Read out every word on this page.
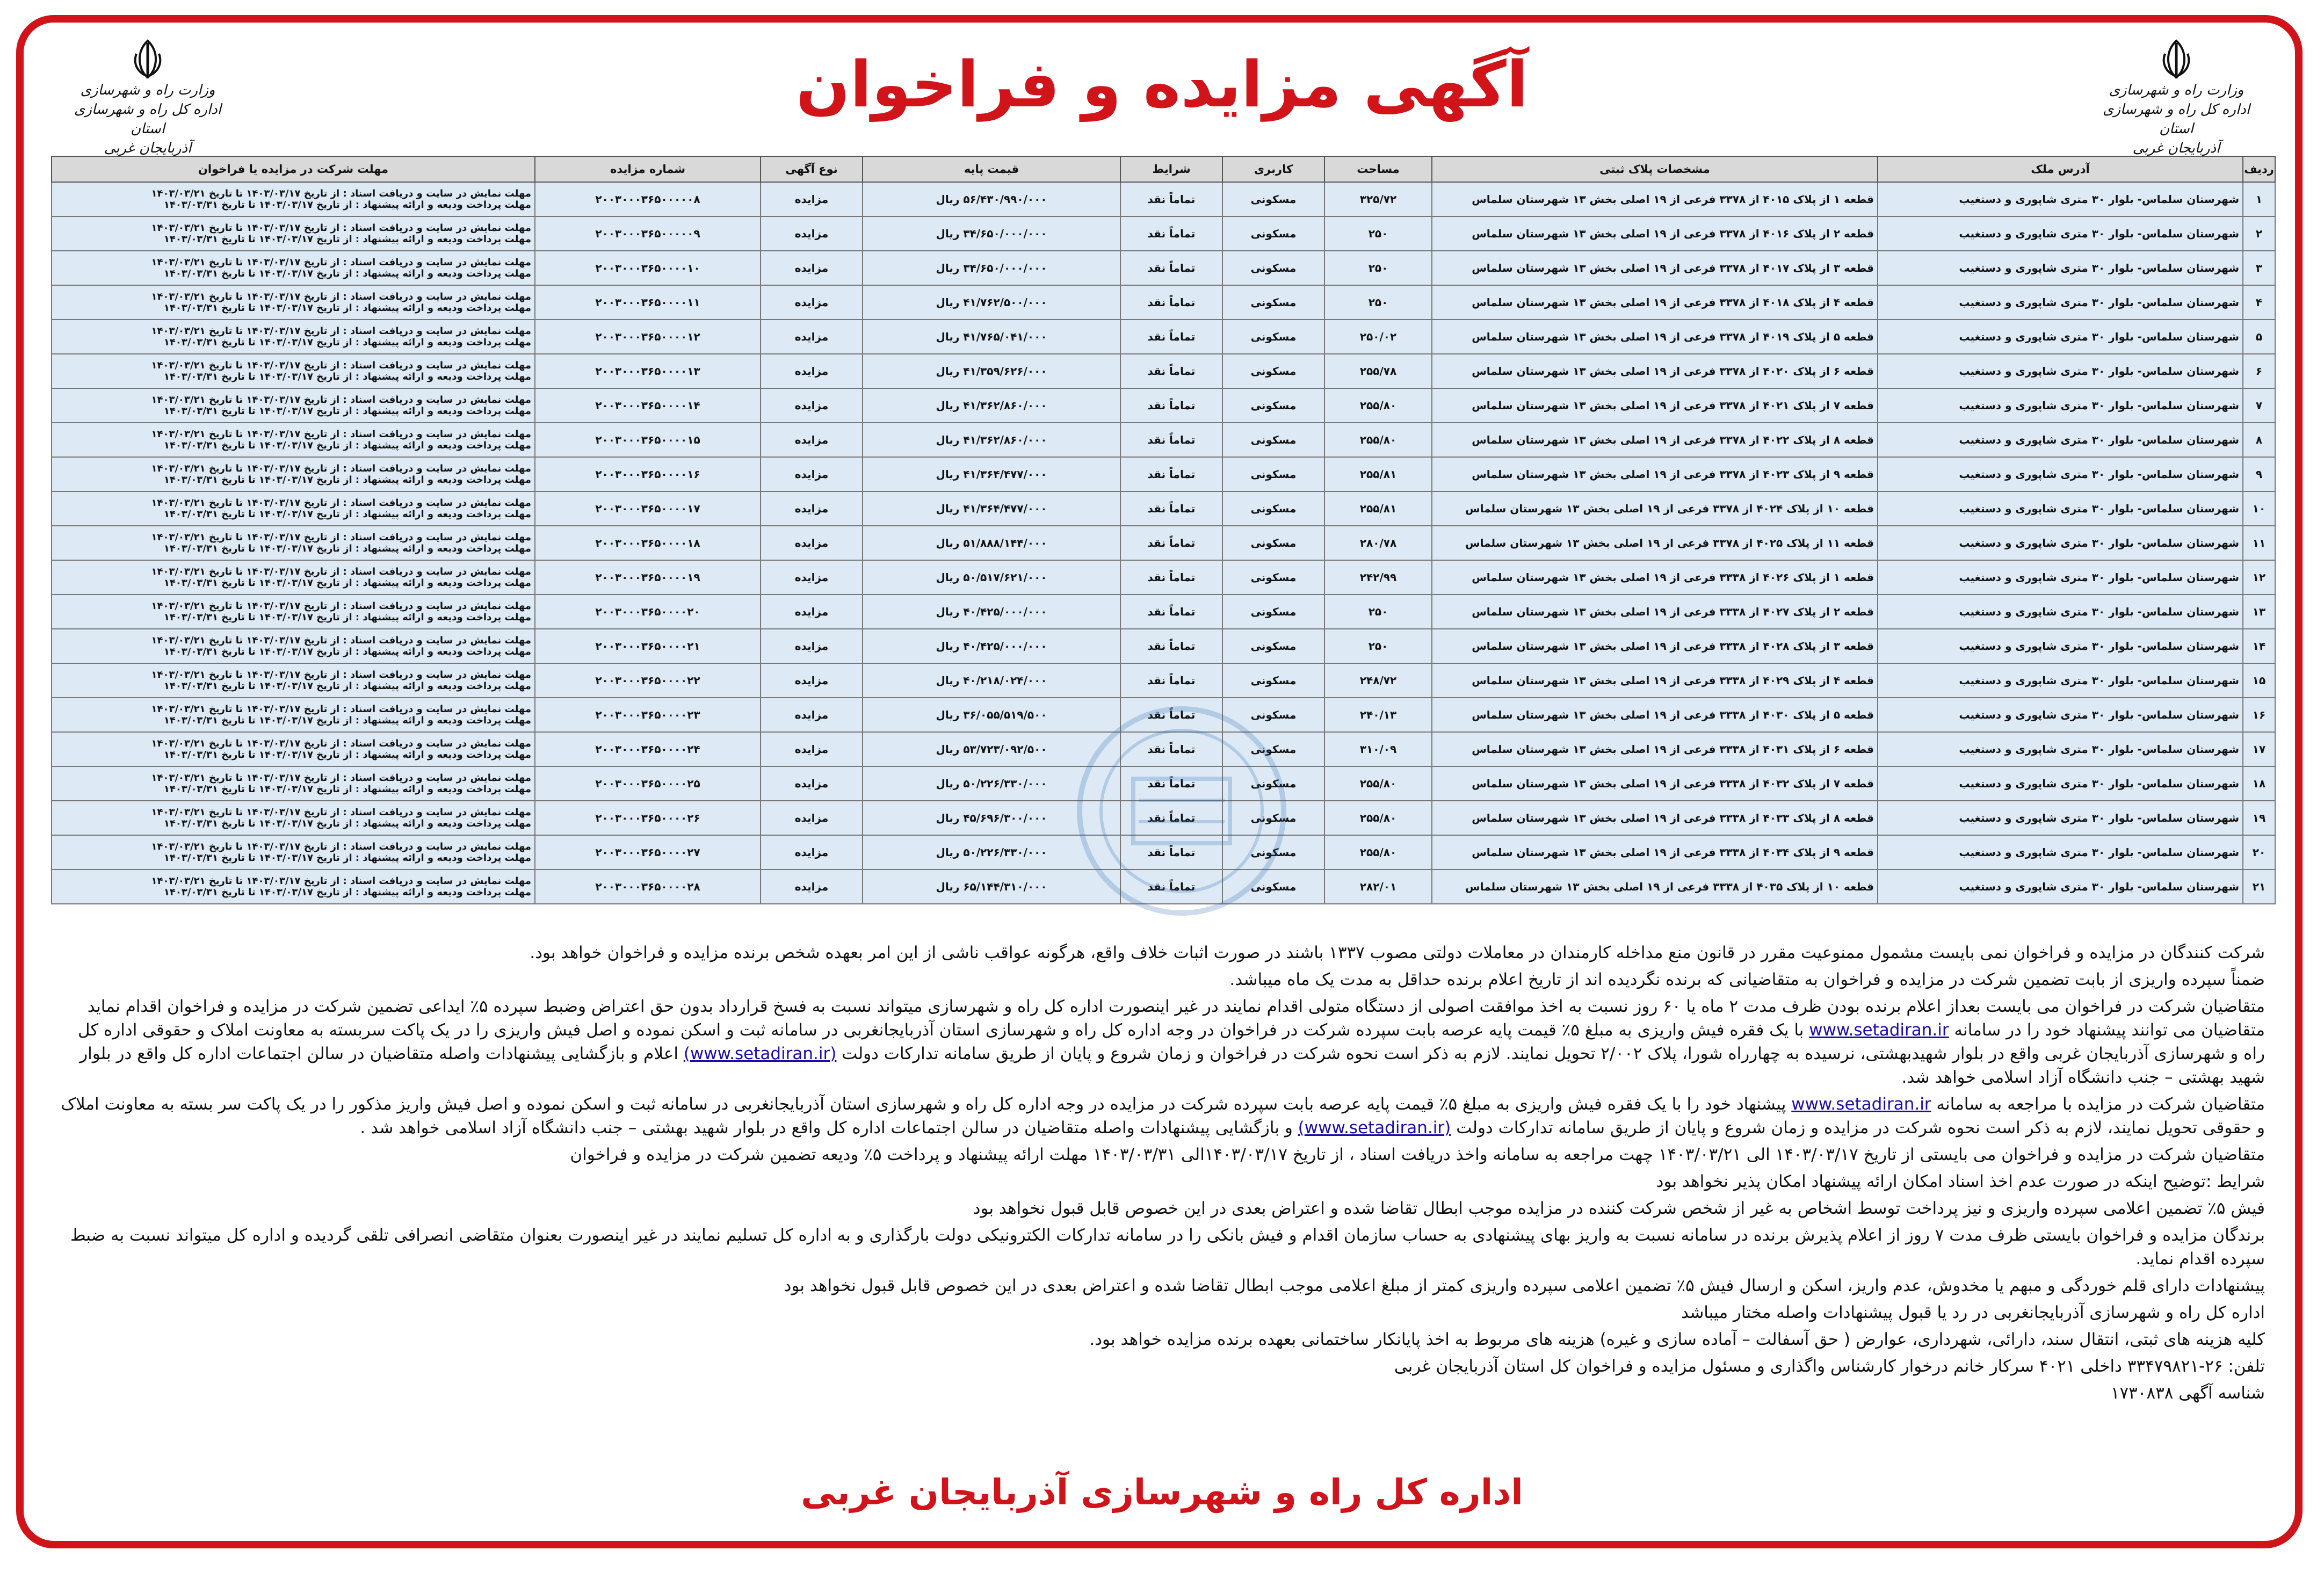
وزارت راه و شهرسازی
اداره کل راه و شهرسازی استان
آذربایجان غربی
وزارت راه و شهرسازی
اداره کل راه و شهرسازی استان
آذربایجان غربی
آگهی مزایده و فراخوان
ردیف	آدرس ملک	مشخصات پلاک ثبتی	مساحت	کاربری	شرایط	قیمت پایه	نوع آگهی	شماره مزایده	مهلت شرکت در مزایده یا فراخوان
۱	شهرستان سلماس- بلوار ۳۰ متری شاپوری و دستغیب	قطعه ۱ از پلاک ۴۰۱۵ از ۳۳۷۸ فرعی از ۱۹ اصلی بخش ۱۳ شهرستان سلماس	۳۲۵/۷۲	مسکونی	تماماً نقد	۵۶/۴۳۰/۹۹۰/۰۰۰ ریال	مزایده	۲۰۰۳۰۰۰۳۶۵۰۰۰۰۰۸	مهلت نمایش در سایت و دریافت اسناد : از تاریخ ۱۴۰۳/۰۳/۱۷ تا تاریخ ۱۴۰۳/۰۳/۲۱
مهلت پرداخت ودیعه و ارائه پیشنهاد : از تاریخ ۱۴۰۳/۰۳/۱۷ تا تاریخ ۱۴۰۳/۰۳/۳۱

۲	شهرستان سلماس- بلوار ۳۰ متری شاپوری و دستغیب	قطعه ۲ از پلاک ۴۰۱۶ از ۳۳۷۸ فرعی از ۱۹ اصلی بخش ۱۳ شهرستان سلماس	۲۵۰	مسکونی	تماماً نقد	۳۴/۶۵۰/۰۰۰/۰۰۰ ریال	مزایده	۲۰۰۳۰۰۰۳۶۵۰۰۰۰۰۹	مهلت نمایش در سایت و دریافت اسناد : از تاریخ ۱۴۰۳/۰۳/۱۷ تا تاریخ ۱۴۰۳/۰۳/۲۱
مهلت پرداخت ودیعه و ارائه پیشنهاد : از تاریخ ۱۴۰۳/۰۳/۱۷ تا تاریخ ۱۴۰۳/۰۳/۳۱

۳	شهرستان سلماس- بلوار ۳۰ متری شاپوری و دستغیب	قطعه ۳ از پلاک ۴۰۱۷ از ۳۳۷۸ فرعی از ۱۹ اصلی بخش ۱۳ شهرستان سلماس	۲۵۰	مسکونی	تماماً نقد	۳۴/۶۵۰/۰۰۰/۰۰۰ ریال	مزایده	۲۰۰۳۰۰۰۳۶۵۰۰۰۰۱۰	مهلت نمایش در سایت و دریافت اسناد : از تاریخ ۱۴۰۳/۰۳/۱۷ تا تاریخ ۱۴۰۳/۰۳/۲۱
مهلت پرداخت ودیعه و ارائه پیشنهاد : از تاریخ ۱۴۰۳/۰۳/۱۷ تا تاریخ ۱۴۰۳/۰۳/۳۱

۴	شهرستان سلماس- بلوار ۳۰ متری شاپوری و دستغیب	قطعه ۴ از پلاک ۴۰۱۸ از ۳۳۷۸ فرعی از ۱۹ اصلی بخش ۱۳ شهرستان سلماس	۲۵۰	مسکونی	تماماً نقد	۴۱/۷۶۲/۵۰۰/۰۰۰ ریال	مزایده	۲۰۰۳۰۰۰۳۶۵۰۰۰۰۱۱	مهلت نمایش در سایت و دریافت اسناد : از تاریخ ۱۴۰۳/۰۳/۱۷ تا تاریخ ۱۴۰۳/۰۳/۲۱
مهلت پرداخت ودیعه و ارائه پیشنهاد : از تاریخ ۱۴۰۳/۰۳/۱۷ تا تاریخ ۱۴۰۳/۰۳/۳۱

۵	شهرستان سلماس- بلوار ۳۰ متری شاپوری و دستغیب	قطعه ۵ از پلاک ۴۰۱۹ از ۳۳۷۸ فرعی از ۱۹ اصلی بخش ۱۳ شهرستان سلماس	۲۵۰/۰۲	مسکونی	تماماً نقد	۴۱/۷۶۵/۰۴۱/۰۰۰ ریال	مزایده	۲۰۰۳۰۰۰۳۶۵۰۰۰۰۱۲	مهلت نمایش در سایت و دریافت اسناد : از تاریخ ۱۴۰۳/۰۳/۱۷ تا تاریخ ۱۴۰۳/۰۳/۲۱
مهلت پرداخت ودیعه و ارائه پیشنهاد : از تاریخ ۱۴۰۳/۰۳/۱۷ تا تاریخ ۱۴۰۳/۰۳/۳۱

۶	شهرستان سلماس- بلوار ۳۰ متری شاپوری و دستغیب	قطعه ۶ از پلاک ۴۰۲۰ از ۳۳۷۸ فرعی از ۱۹ اصلی بخش ۱۳ شهرستان سلماس	۲۵۵/۷۸	مسکونی	تماماً نقد	۴۱/۳۵۹/۶۲۶/۰۰۰ ریال	مزایده	۲۰۰۳۰۰۰۳۶۵۰۰۰۰۱۳	مهلت نمایش در سایت و دریافت اسناد : از تاریخ ۱۴۰۳/۰۳/۱۷ تا تاریخ ۱۴۰۳/۰۳/۲۱
مهلت پرداخت ودیعه و ارائه پیشنهاد : از تاریخ ۱۴۰۳/۰۳/۱۷ تا تاریخ ۱۴۰۳/۰۳/۳۱

۷	شهرستان سلماس- بلوار ۳۰ متری شاپوری و دستغیب	قطعه ۷ از پلاک ۴۰۲۱ از ۳۳۷۸ فرعی از ۱۹ اصلی بخش ۱۳ شهرستان سلماس	۲۵۵/۸۰	مسکونی	تماماً نقد	۴۱/۳۶۲/۸۶۰/۰۰۰ ریال	مزایده	۲۰۰۳۰۰۰۳۶۵۰۰۰۰۱۴	مهلت نمایش در سایت و دریافت اسناد : از تاریخ ۱۴۰۳/۰۳/۱۷ تا تاریخ ۱۴۰۳/۰۳/۲۱
مهلت پرداخت ودیعه و ارائه پیشنهاد : از تاریخ ۱۴۰۳/۰۳/۱۷ تا تاریخ ۱۴۰۳/۰۳/۳۱

۸	شهرستان سلماس- بلوار ۳۰ متری شاپوری و دستغیب	قطعه ۸ از پلاک ۴۰۲۲ از ۳۳۷۸ فرعی از ۱۹ اصلی بخش ۱۳ شهرستان سلماس	۲۵۵/۸۰	مسکونی	تماماً نقد	۴۱/۳۶۲/۸۶۰/۰۰۰ ریال	مزایده	۲۰۰۳۰۰۰۳۶۵۰۰۰۰۱۵	مهلت نمایش در سایت و دریافت اسناد : از تاریخ ۱۴۰۳/۰۳/۱۷ تا تاریخ ۱۴۰۳/۰۳/۲۱
مهلت پرداخت ودیعه و ارائه پیشنهاد : از تاریخ ۱۴۰۳/۰۳/۱۷ تا تاریخ ۱۴۰۳/۰۳/۳۱

۹	شهرستان سلماس- بلوار ۳۰ متری شاپوری و دستغیب	قطعه ۹ از پلاک ۴۰۲۳ از ۳۳۷۸ فرعی از ۱۹ اصلی بخش ۱۳ شهرستان سلماس	۲۵۵/۸۱	مسکونی	تماماً نقد	۴۱/۳۶۴/۴۷۷/۰۰۰ ریال	مزایده	۲۰۰۳۰۰۰۳۶۵۰۰۰۰۱۶	مهلت نمایش در سایت و دریافت اسناد : از تاریخ ۱۴۰۳/۰۳/۱۷ تا تاریخ ۱۴۰۳/۰۳/۲۱
مهلت پرداخت ودیعه و ارائه پیشنهاد : از تاریخ ۱۴۰۳/۰۳/۱۷ تا تاریخ ۱۴۰۳/۰۳/۳۱

۱۰	شهرستان سلماس- بلوار ۳۰ متری شاپوری و دستغیب	قطعه ۱۰ از پلاک ۴۰۲۴ از ۳۳۷۸ فرعی از ۱۹ اصلی بخش ۱۳ شهرستان سلماس	۲۵۵/۸۱	مسکونی	تماماً نقد	۴۱/۳۶۴/۴۷۷/۰۰۰ ریال	مزایده	۲۰۰۳۰۰۰۳۶۵۰۰۰۰۱۷	مهلت نمایش در سایت و دریافت اسناد : از تاریخ ۱۴۰۳/۰۳/۱۷ تا تاریخ ۱۴۰۳/۰۳/۲۱
مهلت پرداخت ودیعه و ارائه پیشنهاد : از تاریخ ۱۴۰۳/۰۳/۱۷ تا تاریخ ۱۴۰۳/۰۳/۳۱

۱۱	شهرستان سلماس- بلوار ۳۰ متری شاپوری و دستغیب	قطعه ۱۱ از پلاک ۴۰۲۵ از ۳۳۷۸ فرعی از ۱۹ اصلی بخش ۱۳ شهرستان سلماس	۲۸۰/۷۸	مسکونی	تماماً نقد	۵۱/۸۸۸/۱۴۴/۰۰۰ ریال	مزایده	۲۰۰۳۰۰۰۳۶۵۰۰۰۰۱۸	مهلت نمایش در سایت و دریافت اسناد : از تاریخ ۱۴۰۳/۰۳/۱۷ تا تاریخ ۱۴۰۳/۰۳/۲۱
مهلت پرداخت ودیعه و ارائه پیشنهاد : از تاریخ ۱۴۰۳/۰۳/۱۷ تا تاریخ ۱۴۰۳/۰۳/۳۱

۱۲	شهرستان سلماس- بلوار ۳۰ متری شاپوری و دستغیب	قطعه ۱ از پلاک ۴۰۲۶ از ۳۳۳۸ فرعی از ۱۹ اصلی بخش ۱۳ شهرستان سلماس	۲۴۲/۹۹	مسکونی	تماماً نقد	۵۰/۵۱۷/۶۲۱/۰۰۰ ریال	مزایده	۲۰۰۳۰۰۰۳۶۵۰۰۰۰۱۹	مهلت نمایش در سایت و دریافت اسناد : از تاریخ ۱۴۰۳/۰۳/۱۷ تا تاریخ ۱۴۰۳/۰۳/۲۱
مهلت پرداخت ودیعه و ارائه پیشنهاد : از تاریخ ۱۴۰۳/۰۳/۱۷ تا تاریخ ۱۴۰۳/۰۳/۳۱

۱۳	شهرستان سلماس- بلوار ۳۰ متری شاپوری و دستغیب	قطعه ۲ از پلاک ۴۰۲۷ از ۳۳۳۸ فرعی از ۱۹ اصلی بخش ۱۳ شهرستان سلماس	۲۵۰	مسکونی	تماماً نقد	۴۰/۴۲۵/۰۰۰/۰۰۰ ریال	مزایده	۲۰۰۳۰۰۰۳۶۵۰۰۰۰۲۰	مهلت نمایش در سایت و دریافت اسناد : از تاریخ ۱۴۰۳/۰۳/۱۷ تا تاریخ ۱۴۰۳/۰۳/۲۱
مهلت پرداخت ودیعه و ارائه پیشنهاد : از تاریخ ۱۴۰۳/۰۳/۱۷ تا تاریخ ۱۴۰۳/۰۳/۳۱

۱۴	شهرستان سلماس- بلوار ۳۰ متری شاپوری و دستغیب	قطعه ۳ از پلاک ۴۰۲۸ از ۳۳۳۸ فرعی از ۱۹ اصلی بخش ۱۳ شهرستان سلماس	۲۵۰	مسکونی	تماماً نقد	۴۰/۴۲۵/۰۰۰/۰۰۰ ریال	مزایده	۲۰۰۳۰۰۰۳۶۵۰۰۰۰۲۱	مهلت نمایش در سایت و دریافت اسناد : از تاریخ ۱۴۰۳/۰۳/۱۷ تا تاریخ ۱۴۰۳/۰۳/۲۱
مهلت پرداخت ودیعه و ارائه پیشنهاد : از تاریخ ۱۴۰۳/۰۳/۱۷ تا تاریخ ۱۴۰۳/۰۳/۳۱

۱۵	شهرستان سلماس- بلوار ۳۰ متری شاپوری و دستغیب	قطعه ۴ از پلاک ۴۰۲۹ از ۳۳۳۸ فرعی از ۱۹ اصلی بخش ۱۳ شهرستان سلماس	۲۴۸/۷۲	مسکونی	تماماً نقد	۴۰/۲۱۸/۰۲۴/۰۰۰ ریال	مزایده	۲۰۰۳۰۰۰۳۶۵۰۰۰۰۲۲	مهلت نمایش در سایت و دریافت اسناد : از تاریخ ۱۴۰۳/۰۳/۱۷ تا تاریخ ۱۴۰۳/۰۳/۲۱
مهلت پرداخت ودیعه و ارائه پیشنهاد : از تاریخ ۱۴۰۳/۰۳/۱۷ تا تاریخ ۱۴۰۳/۰۳/۳۱

۱۶	شهرستان سلماس- بلوار ۳۰ متری شاپوری و دستغیب	قطعه ۵ از پلاک ۴۰۳۰ از ۳۳۳۸ فرعی از ۱۹ اصلی بخش ۱۳ شهرستان سلماس	۲۴۰/۱۳	مسکونی	تماماً نقد	۳۶/۰۵۵/۵۱۹/۵۰۰ ریال	مزایده	۲۰۰۳۰۰۰۳۶۵۰۰۰۰۲۳	مهلت نمایش در سایت و دریافت اسناد : از تاریخ ۱۴۰۳/۰۳/۱۷ تا تاریخ ۱۴۰۳/۰۳/۲۱
مهلت پرداخت ودیعه و ارائه پیشنهاد : از تاریخ ۱۴۰۳/۰۳/۱۷ تا تاریخ ۱۴۰۳/۰۳/۳۱

۱۷	شهرستان سلماس- بلوار ۳۰ متری شاپوری و دستغیب	قطعه ۶ از پلاک ۴۰۳۱ از ۳۳۳۸ فرعی از ۱۹ اصلی بخش ۱۳ شهرستان سلماس	۳۱۰/۰۹	مسکونی	تماماً نقد	۵۳/۷۲۳/۰۹۲/۵۰۰ ریال	مزایده	۲۰۰۳۰۰۰۳۶۵۰۰۰۰۲۴	مهلت نمایش در سایت و دریافت اسناد : از تاریخ ۱۴۰۳/۰۳/۱۷ تا تاریخ ۱۴۰۳/۰۳/۲۱
مهلت پرداخت ودیعه و ارائه پیشنهاد : از تاریخ ۱۴۰۳/۰۳/۱۷ تا تاریخ ۱۴۰۳/۰۳/۳۱

۱۸	شهرستان سلماس- بلوار ۳۰ متری شاپوری و دستغیب	قطعه ۷ از پلاک ۴۰۳۲ از ۳۳۳۸ فرعی از ۱۹ اصلی بخش ۱۳ شهرستان سلماس	۲۵۵/۸۰	مسکونی	تماماً نقد	۵۰/۲۲۶/۳۳۰/۰۰۰ ریال	مزایده	۲۰۰۳۰۰۰۳۶۵۰۰۰۰۲۵	مهلت نمایش در سایت و دریافت اسناد : از تاریخ ۱۴۰۳/۰۳/۱۷ تا تاریخ ۱۴۰۳/۰۳/۲۱
مهلت پرداخت ودیعه و ارائه پیشنهاد : از تاریخ ۱۴۰۳/۰۳/۱۷ تا تاریخ ۱۴۰۳/۰۳/۳۱

۱۹	شهرستان سلماس- بلوار ۳۰ متری شاپوری و دستغیب	قطعه ۸ از پلاک ۴۰۳۳ از ۳۳۳۸ فرعی از ۱۹ اصلی بخش ۱۳ شهرستان سلماس	۲۵۵/۸۰	مسکونی	تماماً نقد	۴۵/۶۹۶/۳۰۰/۰۰۰ ریال	مزایده	۲۰۰۳۰۰۰۳۶۵۰۰۰۰۲۶	مهلت نمایش در سایت و دریافت اسناد : از تاریخ ۱۴۰۳/۰۳/۱۷ تا تاریخ ۱۴۰۳/۰۳/۲۱
مهلت پرداخت ودیعه و ارائه پیشنهاد : از تاریخ ۱۴۰۳/۰۳/۱۷ تا تاریخ ۱۴۰۳/۰۳/۳۱

۲۰	شهرستان سلماس- بلوار ۳۰ متری شاپوری و دستغیب	قطعه ۹ از پلاک ۴۰۳۴ از ۳۳۳۸ فرعی از ۱۹ اصلی بخش ۱۳ شهرستان سلماس	۲۵۵/۸۰	مسکونی	تماماً نقد	۵۰/۲۲۶/۳۳۰/۰۰۰ ریال	مزایده	۲۰۰۳۰۰۰۳۶۵۰۰۰۰۲۷	مهلت نمایش در سایت و دریافت اسناد : از تاریخ ۱۴۰۳/۰۳/۱۷ تا تاریخ ۱۴۰۳/۰۳/۲۱
مهلت پرداخت ودیعه و ارائه پیشنهاد : از تاریخ ۱۴۰۳/۰۳/۱۷ تا تاریخ ۱۴۰۳/۰۳/۳۱

۲۱	شهرستان سلماس- بلوار ۳۰ متری شاپوری و دستغیب	قطعه ۱۰ از پلاک ۴۰۳۵ از ۳۳۳۸ فرعی از ۱۹ اصلی بخش ۱۳ شهرستان سلماس	۲۸۲/۰۱	مسکونی	تماماً نقد	۶۵/۱۴۴/۳۱۰/۰۰۰ ریال	مزایده	۲۰۰۳۰۰۰۳۶۵۰۰۰۰۲۸	مهلت نمایش در سایت و دریافت اسناد : از تاریخ ۱۴۰۳/۰۳/۱۷ تا تاریخ ۱۴۰۳/۰۳/۲۱
مهلت پرداخت ودیعه و ارائه پیشنهاد : از تاریخ ۱۴۰۳/۰۳/۱۷ تا تاریخ ۱۴۰۳/۰۳/۳۱

شرکت کنندگان در مزایده و فراخوان نمی بایست مشمول ممنوعیت مقرر در قانون منع مداخله کارمندان در معاملات دولتی مصوب ۱۳۳۷ باشند در صورت اثبات خلاف واقع، هرگونه عواقب ناشی از این امر بعهده شخص برنده مزایده و فراخوان خواهد بود.

ضمناً سپرده واریزی از بابت تضمین شرکت در مزایده و فراخوان به متقاضیانی که برنده نگردیده اند از تاریخ اعلام برنده حداقل به مدت یک ماه میباشد.

متقاضیان شرکت در فراخوان می بایست بعداز اعلام برنده بودن ظرف مدت ۲ ماه یا ۶۰ روز نسبت به اخذ موافقت اصولی از دستگاه متولی اقدام نمایند در غیر اینصورت اداره کل راه و شهرسازی میتواند نسبت به فسخ قرارداد بدون حق اعتراض وضبط سپرده ۵٪ ایداعی تضمین شرکت در مزایده و فراخوان اقدام نماید متقاضیان می توانند پیشنهاد خود را در سامانه www.setadiran.ir با یک فقره فیش واریزی به مبلغ ۵٪ قیمت پایه عرصه بابت سپرده شرکت در فراخوان در وجه اداره کل راه و شهرسازی استان آذربایجانغربی در سامانه ثبت و اسکن نموده و اصل فیش واریزی را در یک پاکت سربسته به معاونت املاک و حقوقی اداره کل راه و شهرسازی آذربایجان غربی واقع در بلوار شهیدبهشتی، نرسیده به چهارراه شورا، پلاک ۲/۰۰۲ تحویل نمایند. لازم به ذکر است نحوه شرکت در فراخوان و زمان شروع و پایان از طریق سامانه تدارکات دولت (www.setadiran.ir) اعلام و بازگشایی پیشنهادات واصله متقاضیان در سالن اجتماعات اداره کل واقع در بلوار شهید بهشتی – جنب دانشگاه آزاد اسلامی خواهد شد.

متقاضیان شرکت در مزایده با مراجعه به سامانه www.setadiran.ir پیشنهاد خود را با یک فقره فیش واریزی به مبلغ ۵٪ قیمت پایه عرصه بابت سپرده شرکت در مزایده در وجه اداره کل راه و شهرسازی استان آذربایجانغربی در سامانه ثبت و اسکن نموده و اصل فیش واریز مذکور را در یک پاکت سر بسته به معاونت املاک و حقوقی تحویل نمایند، لازم به ذکر است نحوه شرکت در مزایده و زمان شروع و پایان از طریق سامانه تدارکات دولت (www.setadiran.ir) و بازگشایی پیشنهادات واصله متقاضیان در سالن اجتماعات اداره کل واقع در بلوار شهید بهشتی – جنب دانشگاه آزاد اسلامی خواهد شد .

متقاضیان شرکت در مزایده و فراخوان می بایستی از تاریخ ۱۴۰۳/۰۳/۱۷ الی ۱۴۰۳/۰۳/۲۱ چهت مراجعه به سامانه واخذ دریافت اسناد ، از تاریخ ۱۴۰۳/۰۳/۱۷الی ۱۴۰۳/۰۳/۳۱ مهلت ارائه پیشنهاد و پرداخت ۵٪ ودیعه تضمین شرکت در مزایده و فراخوان

شرایط :توضیح اینکه در صورت عدم اخذ اسناد امکان ارائه پیشنهاد امکان پذیر نخواهد بود

فیش ۵٪ تضمین اعلامی سپرده واریزی و نیز پرداخت توسط اشخاص به غیر از شخص شرکت کننده در مزایده موجب ابطال تقاضا شده و اعتراض بعدی در این خصوص قابل قبول نخواهد بود

برندگان مزایده و فراخوان بایستی ظرف مدت ۷ روز از اعلام پذیرش برنده در سامانه نسبت به واریز بهای پیشنهادی به حساب سازمان اقدام و فیش بانکی را در سامانه تدارکات الکترونیکی دولت بارگذاری و به اداره کل تسلیم نمایند در غیر اینصورت بعنوان متقاضی انصرافی تلقی گردیده و اداره کل میتواند نسبت به ضبط سپرده اقدام نماید.

پیشنهادات دارای قلم خوردگی و مبهم یا مخدوش، عدم واریز، اسکن و ارسال فیش ۵٪ تضمین اعلامی سپرده واریزی کمتر از مبلغ اعلامی موجب ابطال تقاضا شده و اعتراض بعدی در این خصوص قابل قبول نخواهد بود

اداره کل راه و شهرسازی آذربایجانغربی در رد یا قبول پیشنهادات واصله مختار میباشد

کلیه هزینه های ثبتی، انتقال سند، دارائی، شهرداری، عوارض ( حق آسفالت – آماده سازی و غیره) هزینه های مربوط به اخذ پایانکار ساختمانی بعهده برنده مزایده خواهد بود.

تلفن: ۲۶-۳۳۴۷۹۸۲۱ داخلی ۴۰۲۱ سرکار خانم درخوار کارشناس واگذاری و مسئول مزایده و فراخوان کل استان آذربایجان غربی

شناسه آگهی ۱۷۳۰۸۳۸

اداره کل راه و شهرسازی آذربایجان غربی
